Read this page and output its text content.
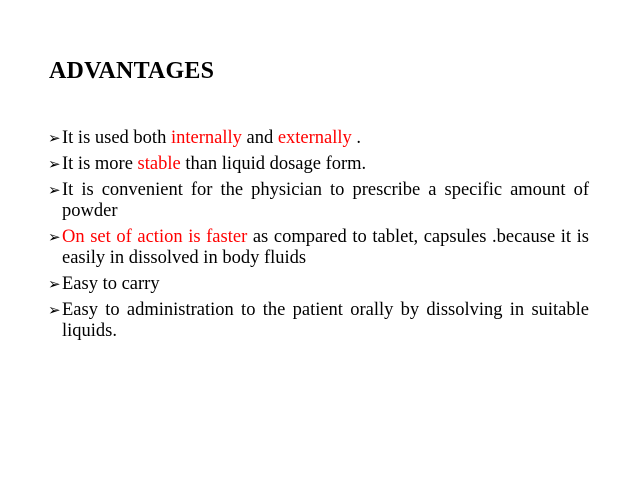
ADVANTAGES
➢ It is used both internally and externally .
➢ It is more stable than liquid dosage form.
➢ It is convenient for the physician to prescribe a specific amount of powder
➢ On set of action is faster as compared to tablet, capsules .because it is easily in dissolved in body fluids
➢ Easy to carry
➢ Easy to administration to the patient orally by dissolving in suitable liquids.
